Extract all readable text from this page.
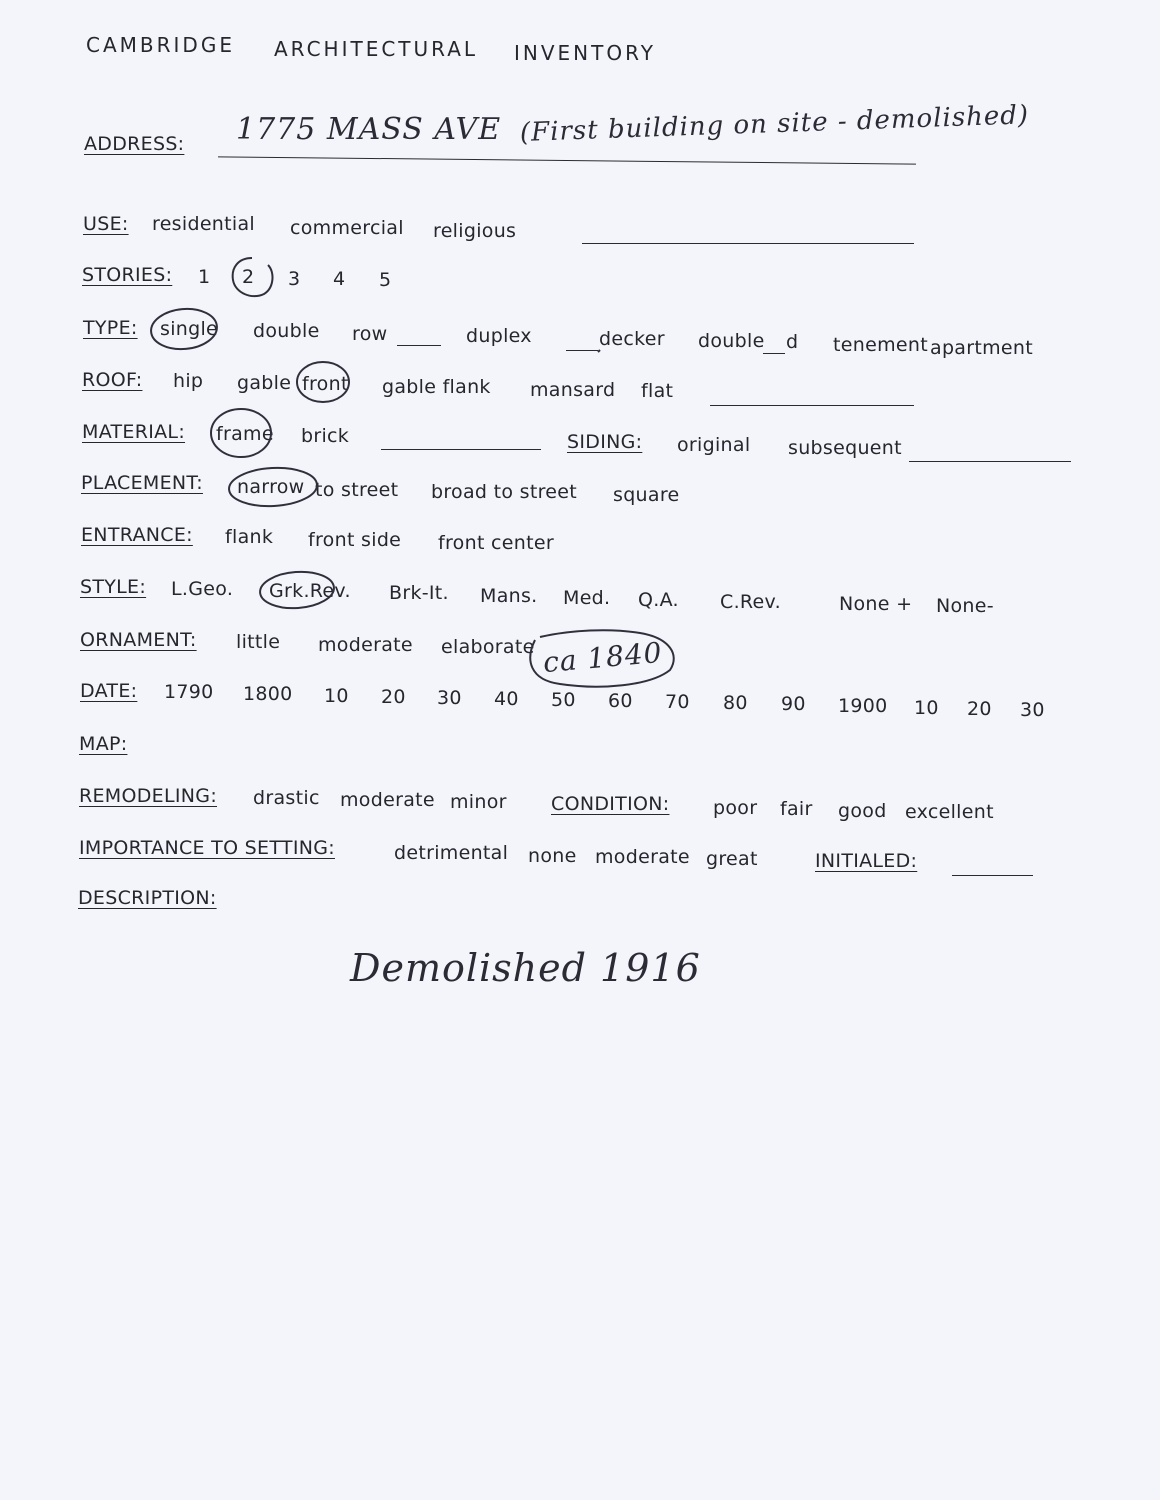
CAMBRIDGE ARCHITECTURAL INVENTORY
ADDRESS: 1775 MASS AVE (First building on site - demolished)
USE: residential commercial religious
STORIES: 1 2 3 4 5
TYPE: single double row	duplex	decker double d tenement apartment
ROOF: hip gable front gable flank mansard flat
MATERIAL: frame brick	SIDING: original subsequent
PLACEMENT: narrow to street broad to street square
ENTRANCE: flank front side front center
STYLE: L.Geo. Grk.Rev. Brk-It. Mans. Med. Q.A. C.Rev.	None + None-
ORNAMENT: little moderate elaborate ca 1840
DATE: 1790 1800 10 20 30 40 50 60 70 80 90 1900 10 20 30
MAP:
REMODELING: drastic moderate minor CONDITION: poor fair good excellent
IMPORTANCE TO SETTING:	detrimental none moderate great	INITIALED:
DESCRIPTION:
Demolished 1916
